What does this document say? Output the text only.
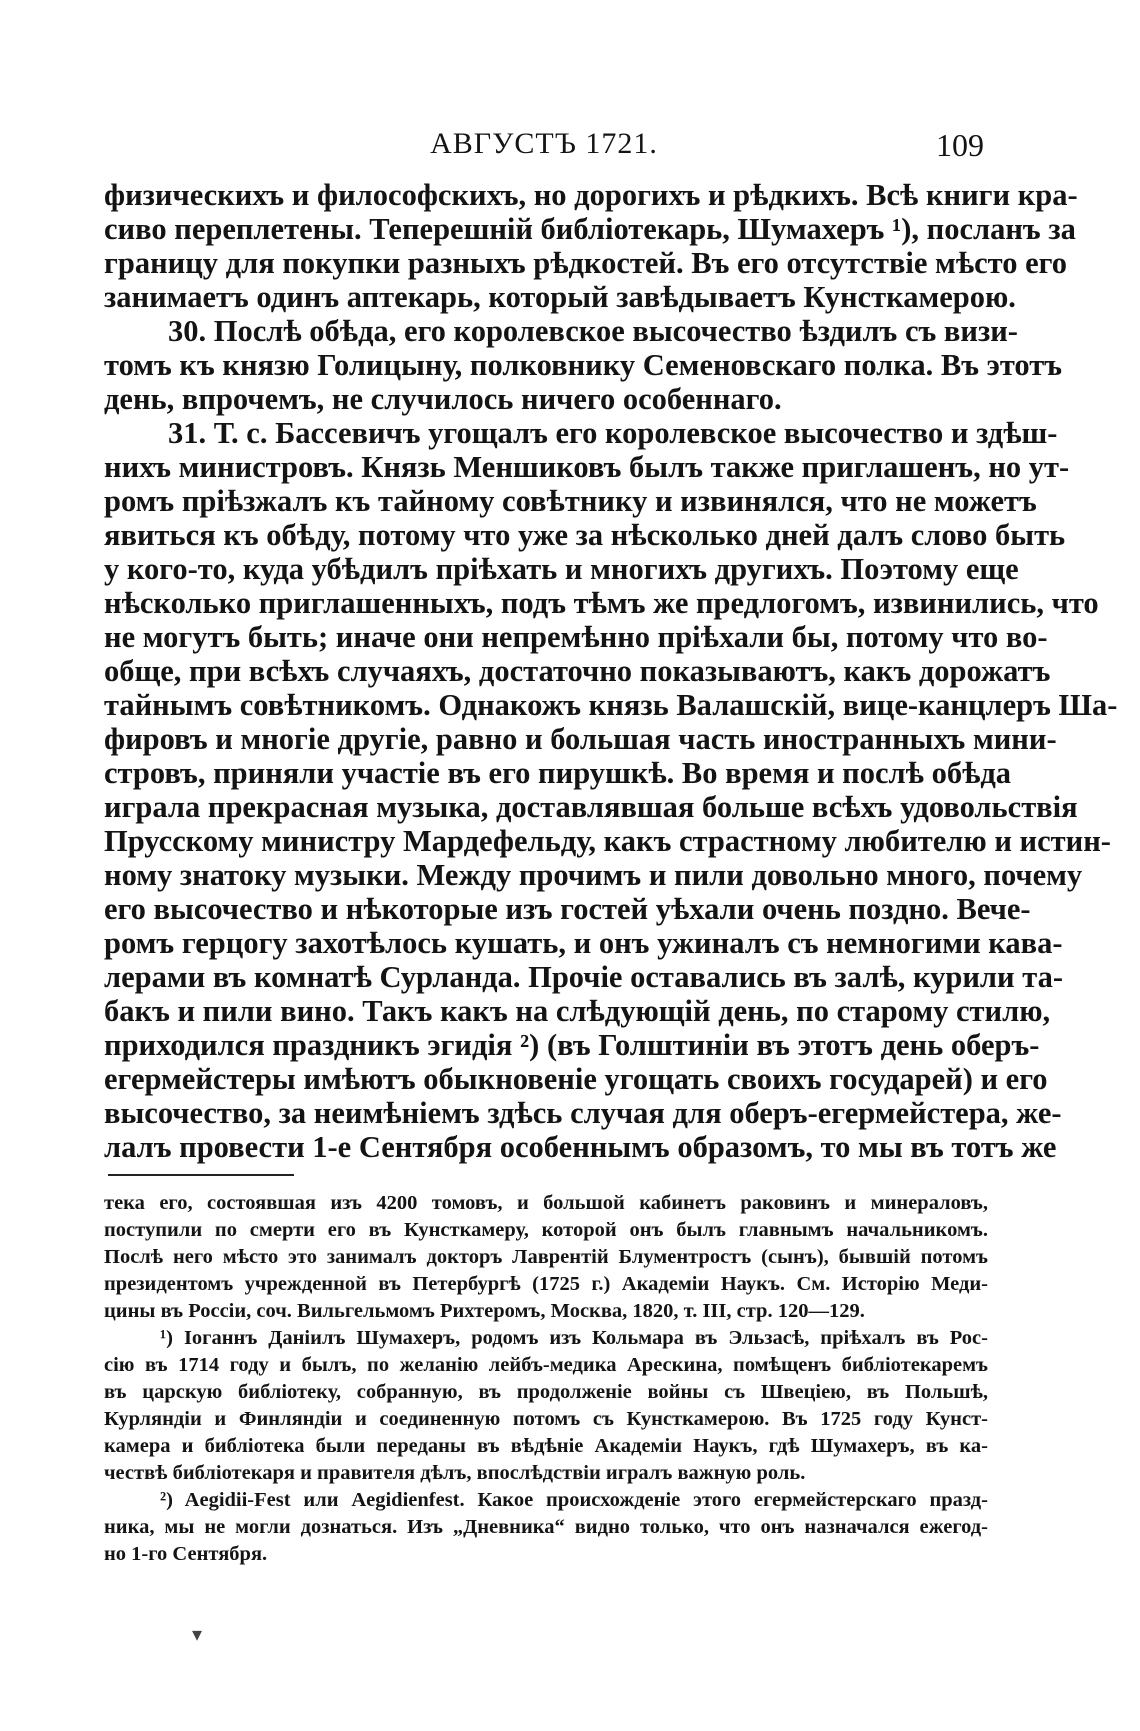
АВГУСТЪ 1721.	109
физическихъ и философскихъ, но дорогихъ и рѣдкихъ. Всѣ книги кра-
сиво переплетены. Теперешній библіотекарь, Шумахеръ ¹), посланъ за
границу для покупки разныхъ рѣдкостей. Въ его отсутствіе мѣсто его
занимаетъ одинъ аптекарь, который завѣдываетъ Кунсткамерою.
30. Послѣ обѣда, его королевское высочество ѣздилъ съ визи-
томъ къ князю Голицыну, полковнику Семеновскаго полка. Въ этотъ
день, впрочемъ, не случилось ничего особеннаго.
31. Т. с. Бассевичъ угощалъ его королевское высочество и здѣш-
нихъ министровъ. Князь Меншиковъ былъ также приглашенъ, но ут-
ромъ пріѣзжалъ къ тайному совѣтнику и извинялся, что не можетъ
явиться къ обѣду, потому что уже за нѣсколько дней далъ слово быть
у кого-то, куда убѣдилъ пріѣхать и многихъ другихъ. Поэтому еще
нѣсколько приглашенныхъ, подъ тѣмъ же предлогомъ, извинились, что
не могутъ быть; иначе они непремѣнно пріѣхали бы, потому что во-
обще, при всѣхъ случаяхъ, достаточно показываютъ, какъ дорожатъ
тайнымъ совѣтникомъ. Однакожъ князь Валашскій, вице-канцлеръ Ша-
фировъ и многіе другіе, равно и большая часть иностранныхъ мини-
стровъ, приняли участіе въ его пирушкѣ. Во время и послѣ обѣда
играла прекрасная музыка, доставлявшая больше всѣхъ удовольствія
Прусскому министру Мардефельду, какъ страстному любителю и истин-
ному знатоку музыки. Между прочимъ и пили довольно много, почему
его высочество и нѣкоторые изъ гостей уѣхали очень поздно. Вече-
ромъ герцогу захотѣлось кушать, и онъ ужиналъ съ немногими кава-
лерами въ комнатѣ Сурланда. Прочіе оставались въ залѣ, курили та-
бакъ и пили вино. Такъ какъ на слѣдующій день, по старому стилю,
приходился праздникъ эгидія ²) (въ Голштиніи въ этотъ день оберъ-
егермейстеры имѣютъ обыкновеніе угощать своихъ государей) и его
высочество, за неимѣніемъ здѣсь случая для оберъ-егермейстера, же-
лалъ провести 1-е Сентября особеннымъ образомъ, то мы въ тотъ же
тека его, состоявшая изъ 4200 томовъ, и большой кабинетъ раковинъ и минераловъ,
поступили по смерти его въ Кунсткамеру, которой онъ былъ главнымъ начальникомъ.
Послѣ него мѣсто это занималъ докторъ Лаврентій Блументростъ (сынъ), бывшій потомъ
президентомъ учрежденной въ Петербургѣ (1725 г.) Академіи Наукъ. См. Исторію Меди-
цины въ Россіи, соч. Вильгельмомъ Рихтеромъ, Москва, 1820, т. III, стр. 120—129.
¹) Іоганнъ Даніилъ Шумахеръ, родомъ изъ Кольмара въ Эльзасѣ, пріѣхалъ въ Рос-
сію въ 1714 году и былъ, по желанію лейбъ-медика Арескина, помѣщенъ библіотекаремъ
въ царскую библіотеку, собранную, въ продолженіе войны съ Швеціею, въ Польшѣ,
Курляндіи и Финляндіи и соединенную потомъ съ Кунсткамерою. Въ 1725 году Кунст-
камера и библіотека были переданы въ вѣдѣніе Академіи Наукъ, гдѣ Шумахеръ, въ ка-
чествѣ библіотекаря и правителя дѣлъ, впослѣдствіи игралъ важную роль.
²) Aegidii-Fest или Aegidienfest. Какое происхожденіе этого егермейстерскаго празд-
ника, мы не могли дознаться. Изъ „Дневника“ видно только, что онъ назначался ежегод-
но 1-го Сентября.
▾
